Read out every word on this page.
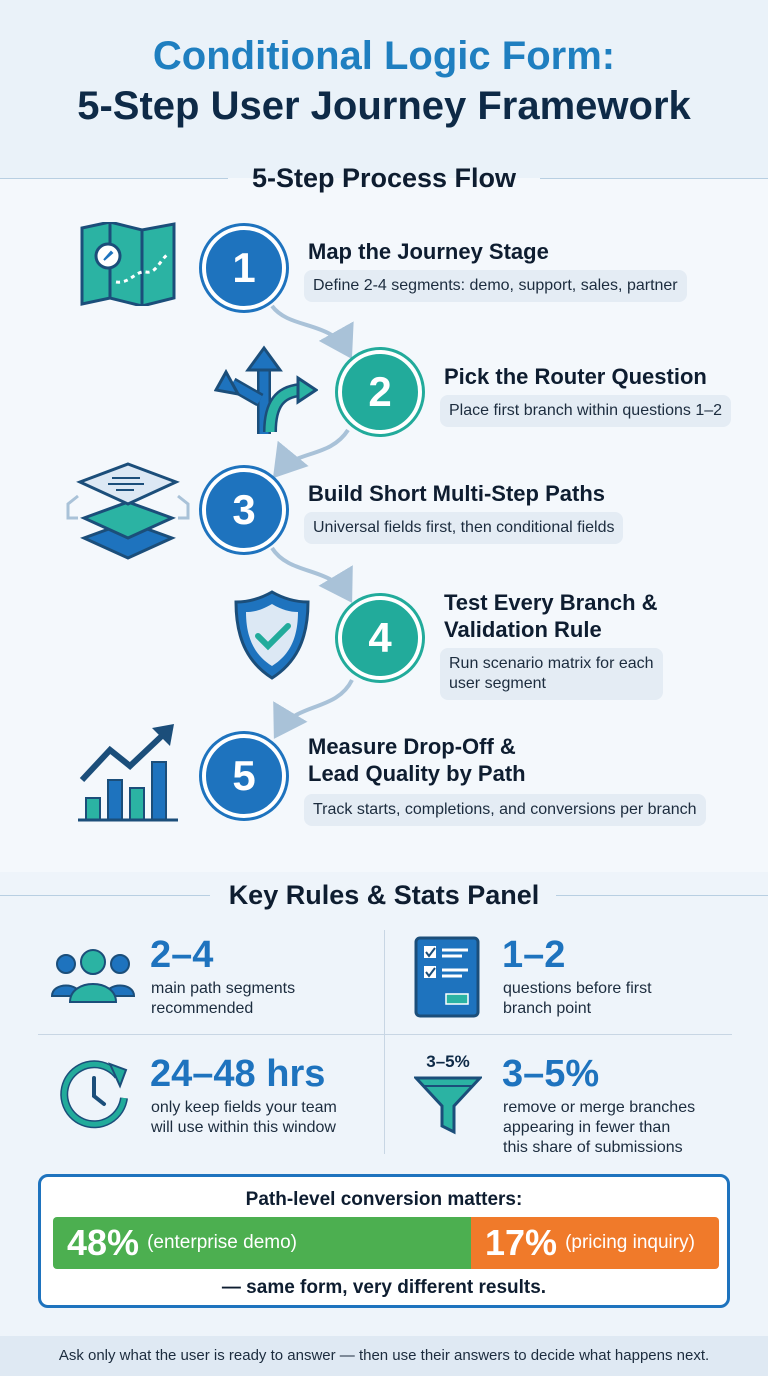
Conditional Logic Form:
5-Step User Journey Framework
5-Step Process Flow
1	Map the Journey Stage
Define 2-4 segments: demo, support, sales, partner
2	Pick the Router Question
Place first branch within questions 1–2
3	Build Short Multi-Step Paths
Universal fields first, then conditional fields
4
Test Every Branch &
Validation Rule
Run scenario matrix for each
user segment
5
Measure Drop-Off &
Lead Quality by Path
Track starts, completions, and conversions per branch
Key Rules & Stats Panel
2–4
main path segments
recommended
1–2
questions before first
branch point
24–48 hrs
only keep fields your team
will use within this window
3–5% 3–5%
remove or merge branches
appearing in fewer than
this share of submissions
Path-level conversion matters:
48% (enterprise demo)	17% (pricing inquiry)
— same form, very different results.
Ask only what the user is ready to answer — then use their answers to decide what happens next.
